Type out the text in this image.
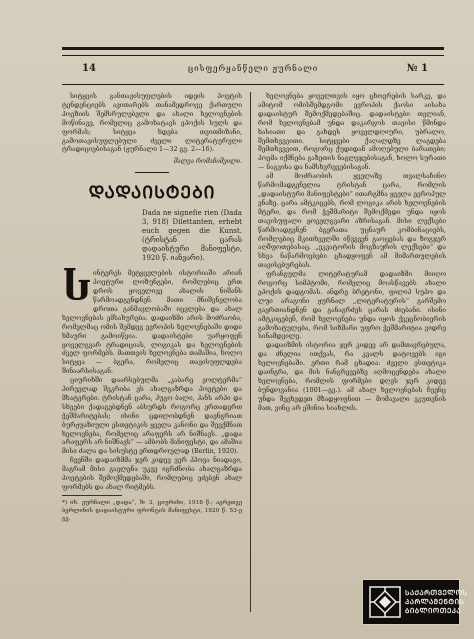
14	ცისფერყანწელი ჟურნალი	№ 1

სიტყვის განთავისუფლების იდეის პოეტის ტენდენციებს ავითარებს თანამედროვე ქართული პოეზიის შემსრულებელი და ახალი ხელოვნების მოწინავე, რომელიც გამოხატავს ეპოქის სულს და ფორმას; სიტყვა ხდება თვითმიზანი, გამოთავისუფლებული ძველი ლიტერატურული ტრადიციებისაგან (ჟურნალი 1—32 გვ. 2—16).

შალვა რომანიშვილი.
ᲓᲐᲓᲐᲘᲡᲢᲔᲑᲘ
Dada ne signefie rien (Dada 3, 918) Dilettanten, erhebt euch gegen die Kunst. (ტრისტან ცარას დადაისტური მანიფესტი, 1920 წ. იანვარი).
Ⴑ ინტერეს მეტყველების ისტორიაში არიან პოეტური ლოზუნგები, რომლებიც ერთ დროს ყოველივე ახალის ნიშანს წარმოადგენდნენ. მათი მნიშვნელობა დროთა განმავლობაში იცვლება და ახალ ხელოვნებას ემსახურება. დადაიზმი არის მოძრაობა, რომელმაც ომის შემდეგ ევროპის ხელოვნებაში დიდი ხმაური გამოიწვია. დადაისტები უარყოფენ ყოველგვარ ტრადიციას, ლოგიკას და ხელოვნების ძველ ფორმებს. მათთვის ხელოვნება თამაშია, ხოლო სიტყვა — ბგერა, რომელიც თავისუფლდება შინაარსისაგან.

ციურიხში დაარსებულმა „კაბარე ვოლტერმა“ პირველად შეკრიბა ეს ახალგაზრდა პოეტები და მხატვრები. ტრისტან ცარა, ჰუგო ბალი, ჰანს არპი და სხვები ქადაგებდნენ აბსურდს როგორც ერთადერთ ჭეშმარიტებას; ისინი ცდილობდნენ დაენგრიათ ბურჟუაზიული ესთეტიკის ყველა კანონი და შეექმნათ ხელოვნება, რომელიც არაფერს არ ნიშნავს. „დადა არაფერს არ ნიშნავს“ — ამბობს მანიფესტი, და ამაშია მისი ძალა და სისუსტე ერთდროულად (Berlin, 1920).

ჩვენში დადაიზმმა ჯერ კიდევ ვერ ჰპოვა ნიადაგი, მაგრამ მისი გავლენა უკვე იგრძნობა ახალგაზრდა პოეტების შემოქმედებაში, რომლებიც ეძებენ ახალ ფორმებს და ახალ რიტმებს.

*) იხ. ჟურნალი „დადა“, № 3, ციურიხი, 1918 წ.; აგრეთვე ბერლინის დადაისტური ფრონტის მანიფესტი, 1920 წ. 53-ე გვ.

ხელოვნება ყოველთვის იყო ცხოვრების სარკე, და ამიტომ ომისშემდგომი ევროპის ქაოსი აისახა დადაისტურ შემოქმედებაშიც. დადაისტები თვლიან, რომ ხელოვნებამ უნდა დაკარგოს თავისი წმინდა ხასიათი და გახდეს ყოველდღიური, უბრალო, შემთხვევითი. სიტყვები ქაღალდზე ლაგდება შემთხვევით, როგორც ქუდიდან ამოღებული ბარათები; პოემა იქმნება გაზეთის ნაგლეჯებისაგან, ხოლო სურათი — ნაგვისა და ნამსხვრევებისაგან.

ამ მოძრაობის ყველაზე თვალსაჩინო წარმომადგენელია ტრისტან ცარა, რომლის „დადაისტური მანიფესტები“ ითარგმნა ყველა ევროპულ ენაზე. ცარა ამტკიცებს, რომ ლოგიკა არის ხელოვნების მტერი, და რომ ჭეშმარიტი შემოქმედი უნდა იყოს თავისუფალი ყოველგვარი აზრისაგან. მისი ლექსები წარმოადგენენ ბგერათა უცნაურ კომბინაციებს, რომლებიც მკითხველში იწვევენ გაოცებას და ზოგჯერ აღშფოთებასაც. „ეკვატორის მოგზაურის ლექსები“ და სხვა ნაწარმოებები ცხადყოფენ ამ მიმართულების თავისებურებას.

ფრანგულმა ლიტერატურამ დადაიზმი მიიღო როგორც სიმპტომი, რომელიც მოასწავებს ახალი ეპოქის დადგომას. ანდრე ბრეტონი, ფილიპ სუპო და ლუი არაგონი ჟურნალ „ლიტერატურის“ გარშემო გაერთიანდნენ და განაგრძეს ცარას ძიებანი. ისინი ამტკიცებენ, რომ ხელოვნება უნდა იყოს ქვეცნობიერის გამოხატულება, რომ სიზმარი უფრო ჭეშმარიტია ვიდრე სინამდვილე.

დადაიზმის ისტორია ჯერ კიდევ არ დამთავრებულა, და ძნელია ითქვას, რა კვალს დატოვებს იგი ხელოვნებაში. ერთი რამ ცხადია: ძველი ესთეტიკა დაინგრა, და მის ნანგრევებზე აღმოცენდება ახალი ხელოვნება, რომლის ფორმები დღეს ჯერ კიდევ ბუნდოვანია (1001—გვ.). ამ ახალ ხელოვნებას ჩვენც უნდა შევხვდეთ მზადყოფნით — მომავალი ეკუთვნის მათ, ვინც არ ეშინია სიახლის.

ᲡᲐᲥᲐᲠᲗᲕᲔᲚᲝᲡ
ᲞᲐᲠᲚᲐᲛᲔᲜᲢᲘᲡ
ᲑᲘᲑᲚᲘᲝᲗᲔᲙᲐ
